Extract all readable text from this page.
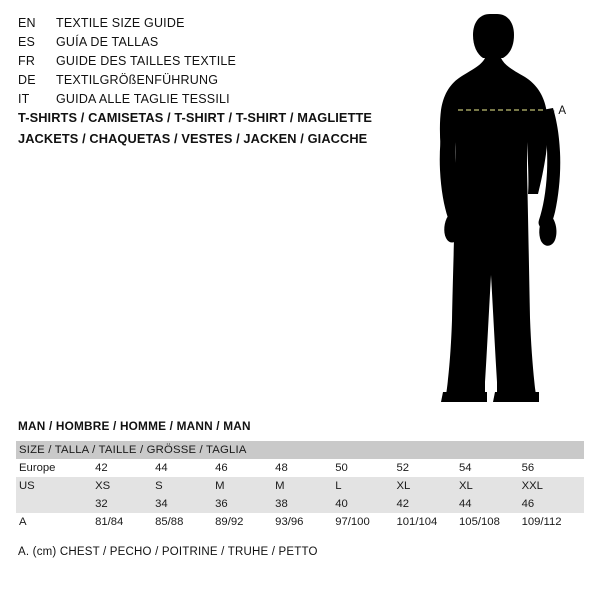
EN	TEXTILE SIZE GUIDE
ES	GUÍA DE TALLAS
FR	GUIDE DES TAILLES TEXTILE
DE	TEXTILGRÖßENFÜHRUNG
IT	GUIDA ALLE TAGLIE TESSILI
T-SHIRTS / CAMISETAS / T-SHIRT / T-SHIRT / MAGLIETTE
JACKETS / CHAQUETAS / VESTES / JACKEN / GIACCHE
- A
MAN / HOMBRE / HOMME / MANN / MAN
SIZE / TALLA / TAILLE / GRÖSSE / TAGLIA								
Europe	42	44	46	48	50	52	54	56
US	XS	S	M	M	L	XL	XL	XXL
	32	34	36	38	40	42	44	46
A	81/84	85/88	89/92	93/96	97/100	101/104	105/108	109/112
A. (cm) CHEST / PECHO / POITRINE / TRUHE / PETTO
